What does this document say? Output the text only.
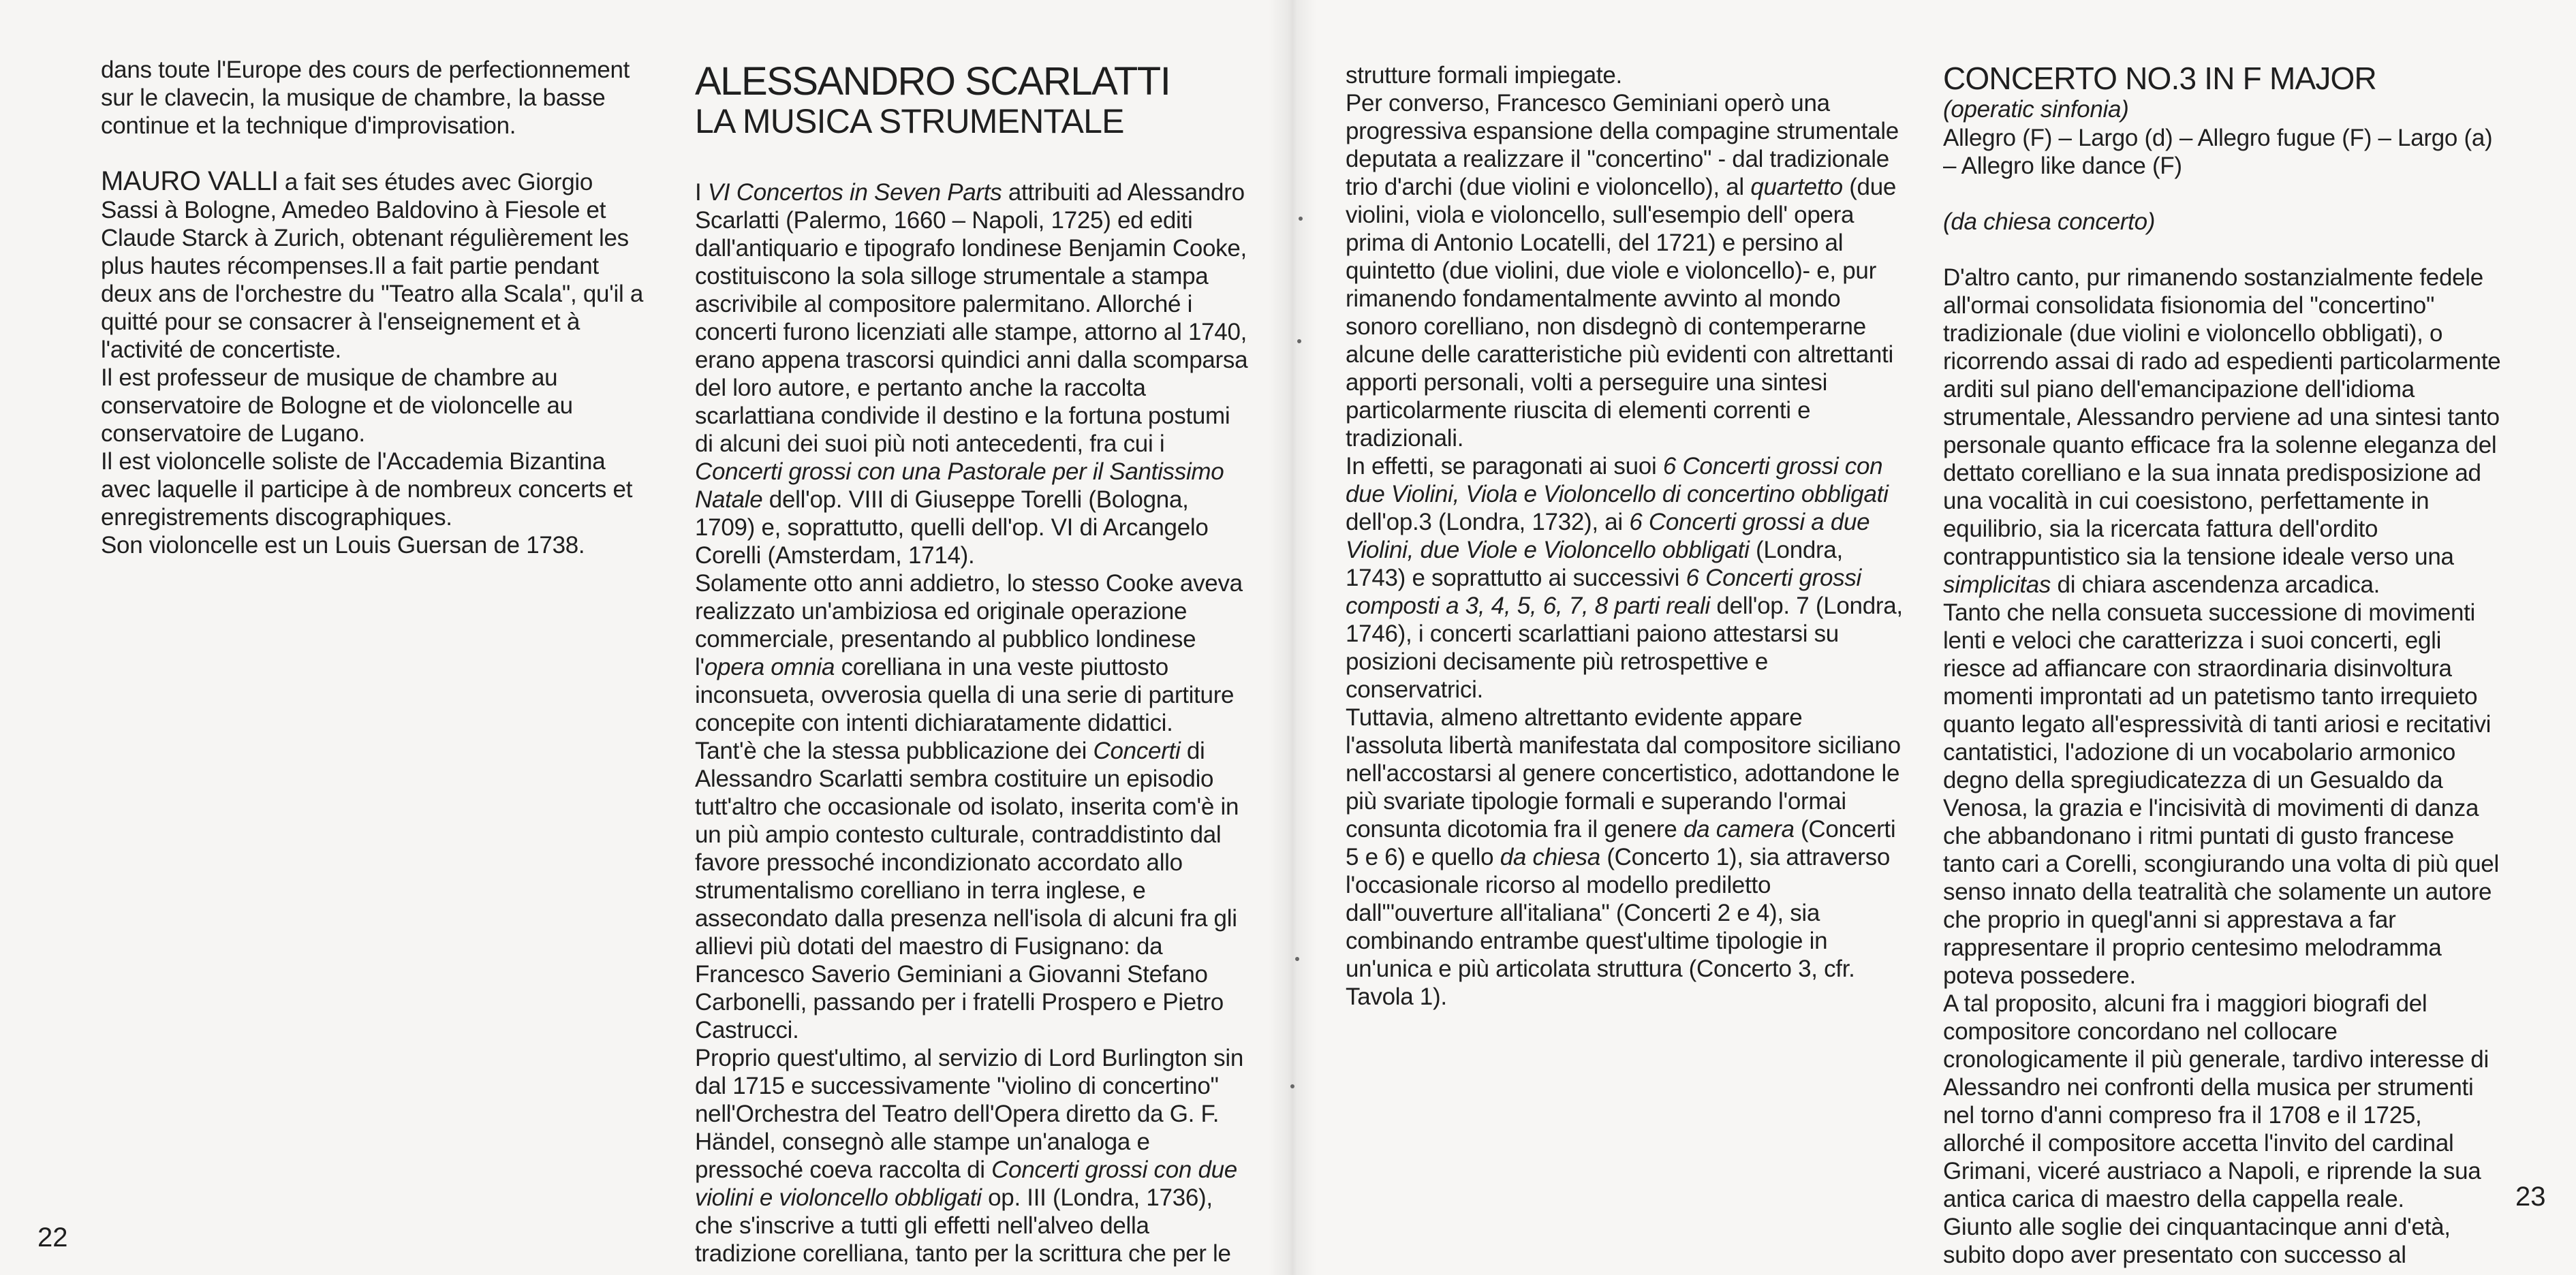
dans toute l'Europe des cours de perfectionnement sur le clavecin, la musique de chambre, la basse continue et la technique d'improvisation.

MAURO VALLI a fait ses études avec Giorgio Sassi à Bologne, Amedeo Baldovino à Fiesole et Claude Starck à Zurich, obtenant régulièrement les plus hautes récompenses.Il a fait partie pendant deux ans de l'orchestre du "Teatro alla Scala", qu'il a quitté pour se consacrer à l'enseignement et à l'activité de concertiste.

Il est professeur de musique de chambre au conservatoire de Bologne et de violoncelle au conservatoire de Lugano.

Il est violoncelle soliste de l'Accademia Bizantina avec laquelle il participe à de nombreux concerts et enregistrements discographiques.

Son violoncelle est un Louis Guersan de 1738.

ALESSANDRO SCARLATTI
LA MUSICA STRUMENTALE

I VI Concertos in Seven Parts attribuiti ad Alessandro Scarlatti (Palermo, 1660 – Napoli, 1725) ed editi dall'antiquario e tipografo londinese Benjamin Cooke, costituiscono la sola silloge strumentale a stampa ascrivibile al compositore palermitano. Allorché i concerti furono licenziati alle stampe, attorno al 1740, erano appena trascorsi quindici anni dalla scomparsa del loro autore, e pertanto anche la raccolta scarlattiana condivide il destino e la fortuna postumi di alcuni dei suoi più noti antecedenti, fra cui i Concerti grossi con una Pastorale per il Santissimo Natale dell'op. VIII di Giuseppe Torelli (Bologna, 1709) e, soprattutto, quelli dell'op. VI di Arcangelo Corelli (Amsterdam, 1714).

Solamente otto anni addietro, lo stesso Cooke aveva realizzato un'ambiziosa ed originale operazione commerciale, presentando al pubblico londinese l'opera omnia corelliana in una veste piuttosto inconsueta, ovverosia quella di una serie di partiture concepite con intenti dichiaratamente didattici.

Tant'è che la stessa pubblicazione dei Concerti di Alessandro Scarlatti sembra costituire un episodio tutt'altro che occasionale od isolato, inserita com'è in un più ampio contesto culturale, contraddistinto dal favore pressoché incondizionato accordato allo strumentalismo corelliano in terra inglese, e assecondato dalla presenza nell'isola di alcuni fra gli allievi più dotati del maestro di Fusignano: da Francesco Saverio Geminiani a Giovanni Stefano Carbonelli, passando per i fratelli Prospero e Pietro Castrucci.

Proprio quest'ultimo, al servizio di Lord Burlington sin dal 1715 e successivamente "violino di concertino" nell'Orchestra del Teatro dell'Opera diretto da G. F. Händel, consegnò alle stampe un'analoga e pressoché coeva raccolta di Concerti grossi con due violini e violoncello obbligati op. III (Londra, 1736), che s'inscrive a tutti gli effetti nell'alveo della tradizione corelliana, tanto per la scrittura che per le

22

strutture formali impiegate.

Per converso, Francesco Geminiani operò una progressiva espansione della compagine strumentale deputata a realizzare il "concertino" - dal tradizionale trio d'archi (due violini e violoncello), al quartetto (due violini, viola e violoncello, sull'esempio dell' opera prima di Antonio Locatelli, del 1721) e persino al quintetto (due violini, due viole e violoncello)- e, pur rimanendo fondamentalmente avvinto al mondo sonoro corelliano, non disdegnò di contemperarne alcune delle caratteristiche più evidenti con altrettanti apporti personali, volti a perseguire una sintesi particolarmente riuscita di elementi correnti e tradizionali.

In effetti, se paragonati ai suoi 6 Concerti grossi con due Violini, Viola e Violoncello di concertino obbligati dell'op.3 (Londra, 1732), ai 6 Concerti grossi a due Violini, due Viole e Violoncello obbligati (Londra, 1743) e soprattutto ai successivi 6 Concerti grossi composti a 3, 4, 5, 6, 7, 8 parti reali dell'op. 7 (Londra, 1746), i concerti scarlattiani paiono attestarsi su posizioni decisamente più retrospettive e conservatrici.

Tuttavia, almeno altrettanto evidente appare l'assoluta libertà manifestata dal compositore siciliano nell'accostarsi al genere concertistico, adottandone le più svariate tipologie formali e superando l'ormai consunta dicotomia fra il genere da camera (Concerti 5 e 6) e quello da chiesa (Concerto 1), sia attraverso l'occasionale ricorso al modello prediletto dall'"ouverture all'italiana" (Concerti 2 e 4), sia combinando entrambe quest'ultime tipologie in un'unica e più articolata struttura (Concerto 3, cfr. Tavola 1).

CONCERTO NO.3 IN F MAJOR

(operatic sinfonia)

Allegro (F) – Largo (d) – Allegro fugue (F) – Largo (a) – Allegro like dance (F)

(da chiesa concerto)

D'altro canto, pur rimanendo sostanzialmente fedele all'ormai consolidata fisionomia del "concertino" tradizionale (due violini e violoncello obbligati), o ricorrendo assai di rado ad espedienti particolarmente arditi sul piano dell'emancipazione dell'idioma strumentale, Alessandro perviene ad una sintesi tanto personale quanto efficace fra la solenne eleganza del dettato corelliano e la sua innata predisposizione ad una vocalità in cui coesistono, perfettamente in equilibrio, sia la ricercata fattura dell'ordito contrappuntistico sia la tensione ideale verso una simplicitas di chiara ascendenza arcadica.

Tanto che nella consueta successione di movimenti lenti e veloci che caratterizza i suoi concerti, egli riesce ad affiancare con straordinaria disinvoltura momenti improntati ad un patetismo tanto irrequieto quanto legato all'espressività di tanti ariosi e recitativi cantatistici, l'adozione di un vocabolario armonico degno della spregiudicatezza di un Gesualdo da Venosa, la grazia e l'incisività di movimenti di danza che abbandonano i ritmi puntati di gusto francese tanto cari a Corelli, scongiurando una volta di più quel senso innato della teatralità che solamente un autore che proprio in quegl'anni si apprestava a far rappresentare il proprio centesimo melodramma poteva possedere.

A tal proposito, alcuni fra i maggiori biografi del compositore concordano nel collocare cronologicamente il più generale, tardivo interesse di Alessandro nei confronti della musica per strumenti nel torno d'anni compreso fra il 1708 e il 1725, allorché il compositore accetta l'invito del cardinal Grimani, viceré austriaco a Napoli, e riprende la sua antica carica di maestro della cappella reale.

Giunto alle soglie dei cinquantacinque anni d'età, subito dopo aver presentato con successo al

23
